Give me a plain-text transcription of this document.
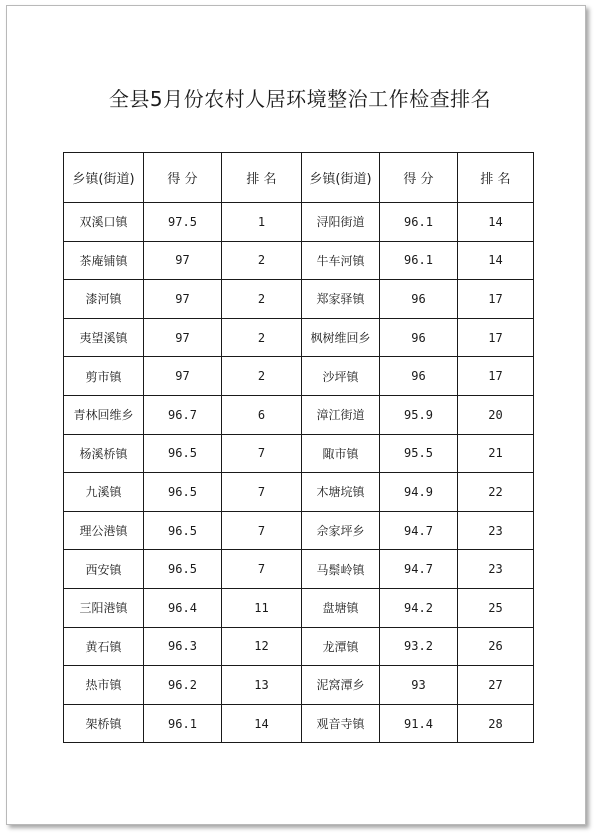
全县5月份农村人居环境整治工作检查排名
乡镇(街道)	得 分	排 名	乡镇(街道)	得 分	排 名
双溪口镇	97.5	1	浔阳街道	96.1	14
茶庵铺镇	97	2	牛车河镇	96.1	14
漆河镇	97	2	郑家驿镇	96	17
夷望溪镇	97	2	枫树维回乡	96	17
剪市镇	97	2	沙坪镇	96	17
青林回维乡	96.7	6	漳江街道	95.9	20
杨溪桥镇	96.5	7	陬市镇	95.5	21
九溪镇	96.5	7	木塘垸镇	94.9	22
理公港镇	96.5	7	佘家坪乡	94.7	23
西安镇	96.5	7	马鬃岭镇	94.7	23
三阳港镇	96.4	11	盘塘镇	94.2	25
黄石镇	96.3	12	龙潭镇	93.2	26
热市镇	96.2	13	泥窝潭乡	93	27
架桥镇	96.1	14	观音寺镇	91.4	28
